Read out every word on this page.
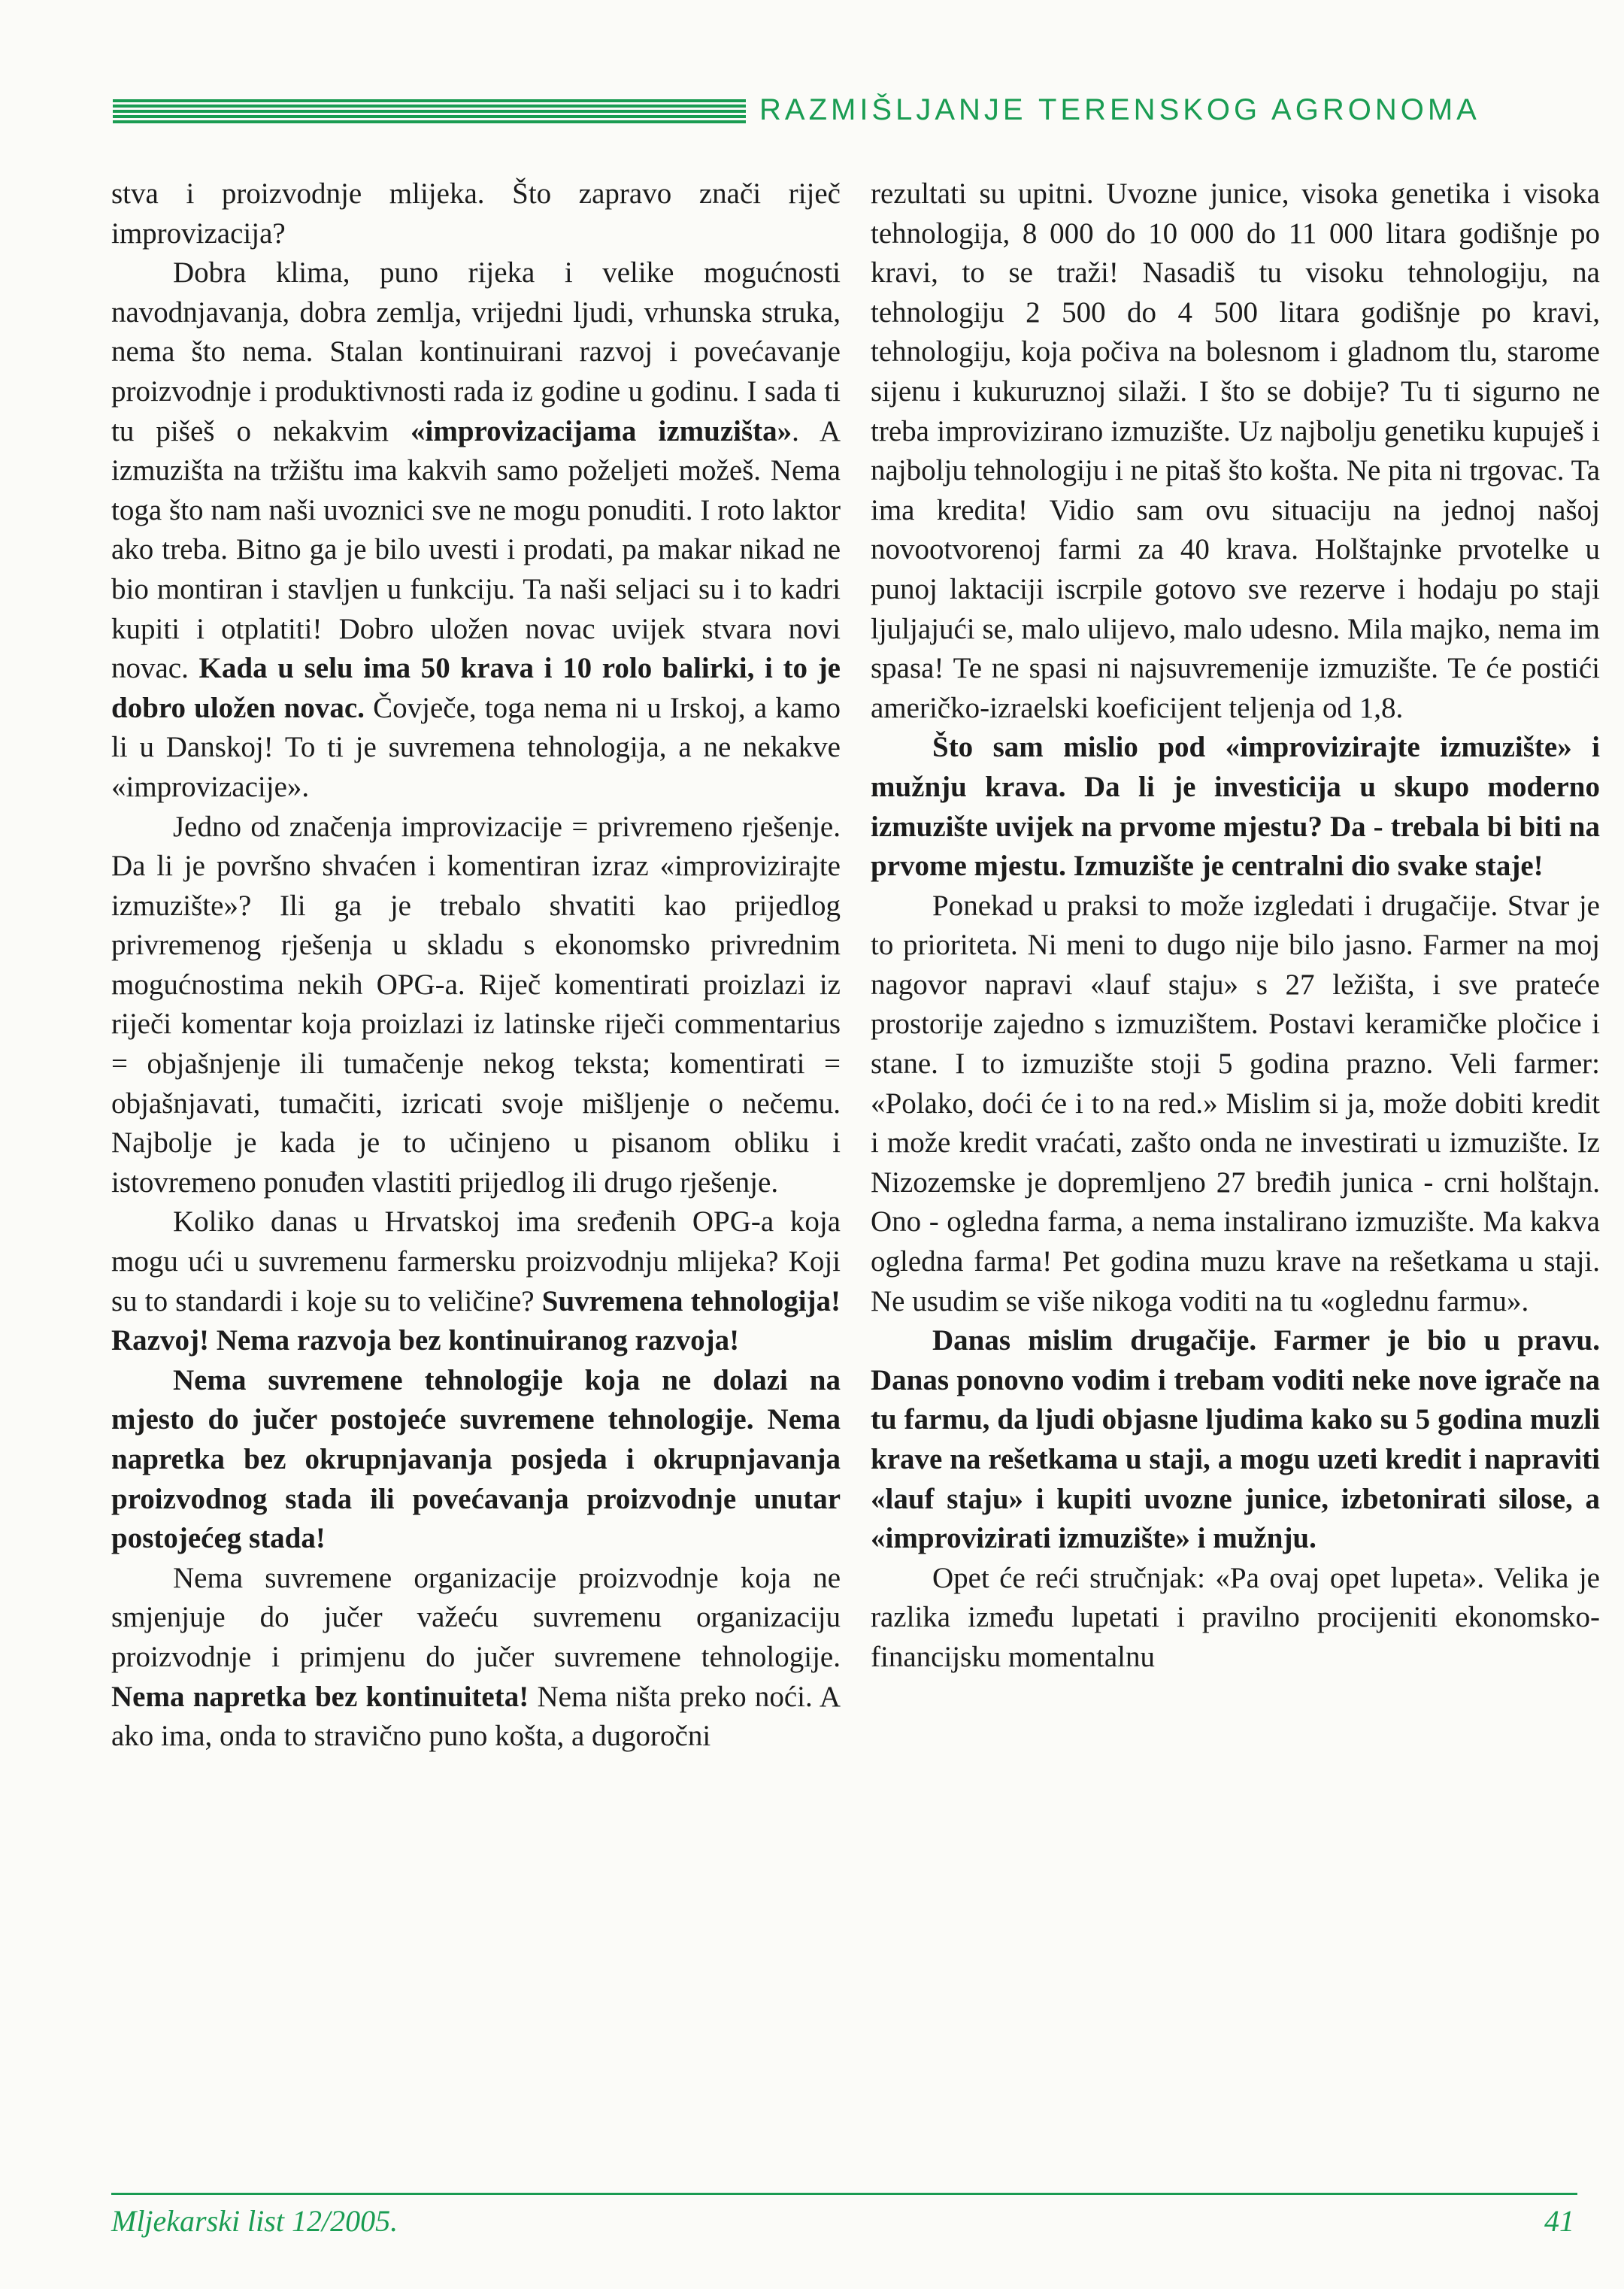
RAZMIŠLJANJE TERENSKOG AGRONOMA

stva i proizvodnje mlijeka. Što zapravo znači riječ improvizacija?

Dobra klima, puno rijeka i velike mogućnosti navodnjavanja, dobra zemlja, vrijedni ljudi, vrhunska struka, nema što nema. Stalan kontinuirani razvoj i povećavanje proizvodnje i produktivnosti rada iz godine u godinu. I sada ti tu pišeš o nekakvim «improvizacijama izmuzišta». A izmuzišta na tržištu ima kakvih samo poželjeti možeš. Nema toga što nam naši uvoznici sve ne mogu ponuditi. I roto laktor ako treba. Bitno ga je bilo uvesti i prodati, pa makar nikad ne bio montiran i stavljen u funkciju. Ta naši seljaci su i to kadri kupiti i otplatiti! Dobro uložen novac uvijek stvara novi novac. Kada u selu ima 50 krava i 10 rolo balirki, i to je dobro uložen novac. Čovječe, toga nema ni u Irskoj, a kamo li u Danskoj! To ti je suvremena tehnologija, a ne nekakve «improvizacije».

Jedno od značenja improvizacije = privremeno rješenje. Da li je površno shvaćen i komentiran izraz «improvizirajte izmuzište»? Ili ga je trebalo shvatiti kao prijedlog privremenog rješenja u skladu s ekonomsko privrednim mogućnostima nekih OPG-a. Riječ komentirati proizlazi iz riječi komentar koja proizlazi iz latinske riječi commentarius = objašnjenje ili tumačenje nekog teksta; komentirati = objašnjavati, tumačiti, izricati svoje mišljenje o nečemu. Najbolje je kada je to učinjeno u pisanom obliku i istovremeno ponuđen vlastiti prijedlog ili drugo rješenje.

Koliko danas u Hrvatskoj ima sređenih OPG-a koja mogu ući u suvremenu farmersku proizvodnju mlijeka? Koji su to standardi i koje su to veličine? Suvremena tehnologija! Razvoj! Nema razvoja bez kontinuiranog razvoja!

Nema suvremene tehnologije koja ne dolazi na mjesto do jučer postojeće suvremene tehnologije. Nema napretka bez okrupnjavanja posjeda i okrupnjavanja proizvodnog stada ili povećavanja proizvodnje unutar postojećeg stada!

Nema suvremene organizacije proizvodnje koja ne smjenjuje do jučer važeću suvremenu organizaciju proizvodnje i primjenu do jučer suvremene tehnologije. Nema napretka bez kontinuiteta! Nema ništa preko noći. A ako ima, onda to stravično puno košta, a dugoročni

rezultati su upitni. Uvozne junice, visoka genetika i visoka tehnologija, 8 000 do 10 000 do 11 000 litara godišnje po kravi, to se traži! Nasadiš tu visoku tehnologiju, na tehnologiju 2 500 do 4 500 litara godišnje po kravi, tehnologiju, koja počiva na bolesnom i gladnom tlu, starome sijenu i kukuruznoj silaži. I što se dobije? Tu ti sigurno ne treba improvizirano izmuzište. Uz najbolju genetiku kupuješ i najbolju tehnologiju i ne pitaš što košta. Ne pita ni trgovac. Ta ima kredita! Vidio sam ovu situaciju na jednoj našoj novootvorenoj farmi za 40 krava. Holštajnke prvotelke u punoj laktaciji iscrpile gotovo sve rezerve i hodaju po staji ljuljajući se, malo ulijevo, malo udesno. Mila majko, nema im spasa! Te ne spasi ni najsuvremenije izmuzište. Te će postići američko-izraelski koeficijent teljenja od 1,8.

Što sam mislio pod «improvizirajte izmuzište» i mužnju krava. Da li je investicija u skupo moderno izmuzište uvijek na prvome mjestu? Da - trebala bi biti na prvome mjestu. Izmuzište je centralni dio svake staje!

Ponekad u praksi to može izgledati i drugačije. Stvar je to prioriteta. Ni meni to dugo nije bilo jasno. Farmer na moj nagovor napravi «lauf staju» s 27 ležišta, i sve prateće prostorije zajedno s izmuzištem. Postavi keramičke pločice i stane. I to izmuzište stoji 5 godina prazno. Veli farmer: «Polako, doći će i to na red.» Mislim si ja, može dobiti kredit i može kredit vraćati, zašto onda ne investirati u izmuzište. Iz Nizozemske je dopremljeno 27 bređih junica - crni holštajn. Ono - ogledna farma, a nema instalirano izmuzište. Ma kakva ogledna farma! Pet godina muzu krave na rešetkama u staji. Ne usudim se više nikoga voditi na tu «oglednu farmu».

Danas mislim drugačije. Farmer je bio u pravu. Danas ponovno vodim i trebam voditi neke nove igrače na tu farmu, da ljudi objasne ljudima kako su 5 godina muzli krave na rešetkama u staji, a mogu uzeti kredit i napraviti «lauf staju» i kupiti uvozne junice, izbetonirati silose, a «improvizirati izmuzište» i mužnju.

Opet će reći stručnjak: «Pa ovaj opet lupeta». Velika je razlika između lupetati i pravilno procijeniti ekonomsko-financijsku momentalnu

Mljekarski list 12/2005.	41
